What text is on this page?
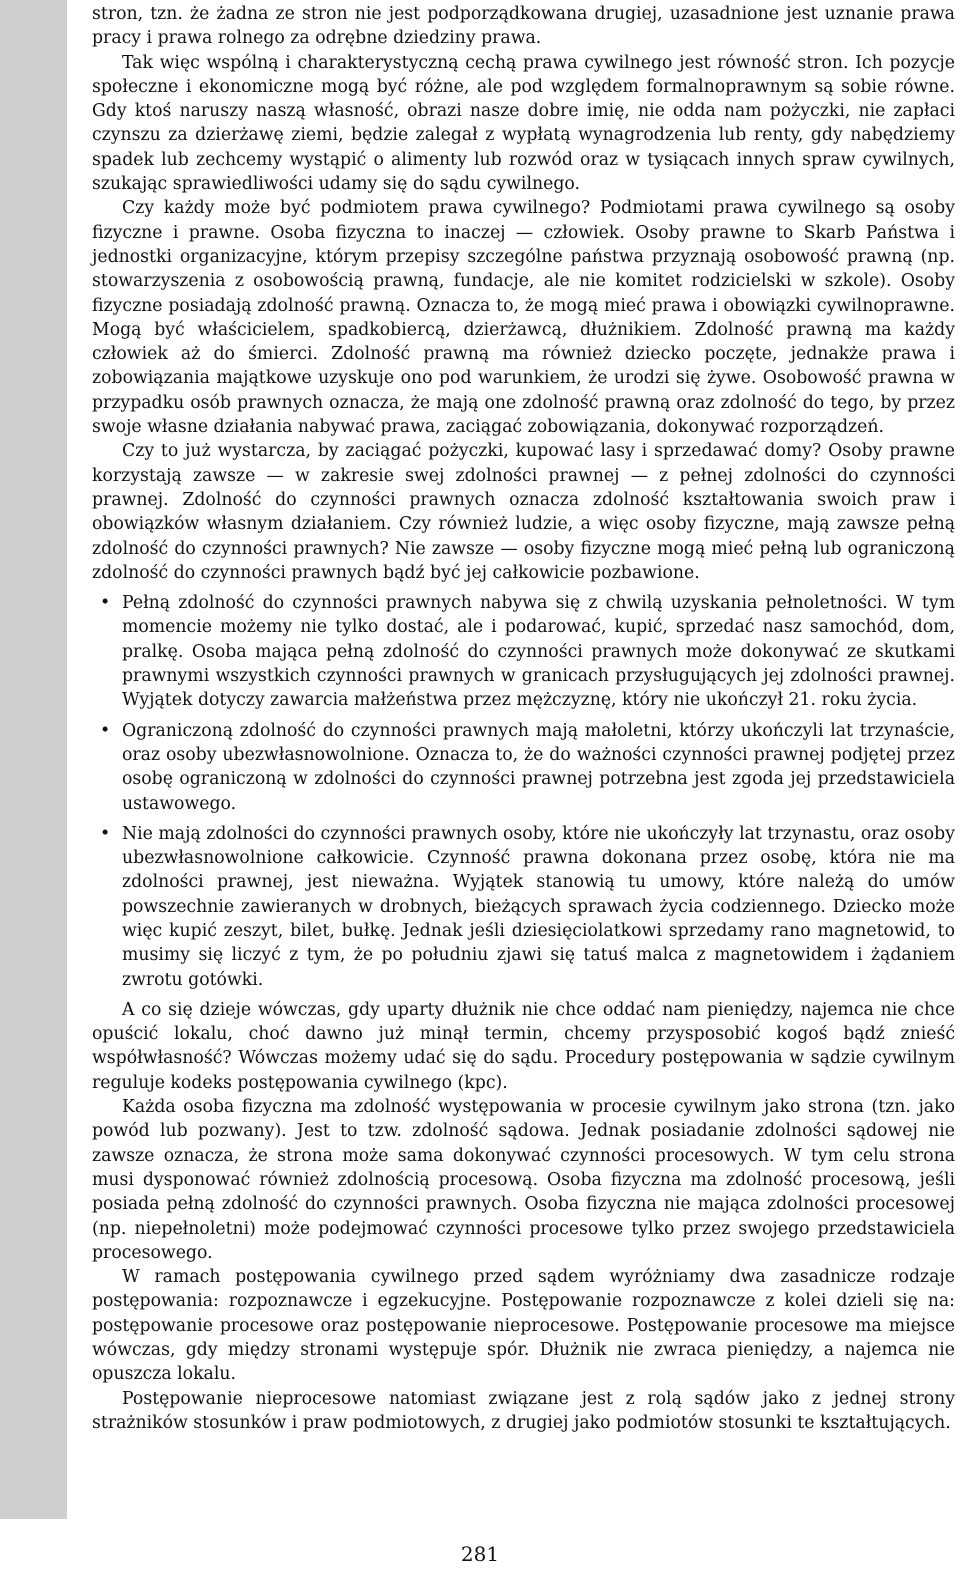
stron, tzn. że żadna ze stron nie jest podporządkowana drugiej, uzasadnione jest uznanie prawa pracy i prawa rolnego za odrębne dziedziny prawa.

Tak więc wspólną i charakterystyczną cechą prawa cywilnego jest równość stron. Ich pozycje społeczne i ekonomiczne mogą być różne, ale pod względem formalnoprawnym są sobie równe. Gdy ktoś naruszy naszą własność, obrazi nasze dobre imię, nie odda nam pożyczki, nie zapłaci czynszu za dzierżawę ziemi, będzie zalegał z wypłatą wynagrodzenia lub renty, gdy nabędziemy spadek lub zechcemy wystąpić o alimenty lub rozwód oraz w tysiącach innych spraw cywilnych, szukając sprawiedliwości udamy się do sądu cywilnego.

Czy każdy może być podmiotem prawa cywilnego? Podmiotami prawa cywilnego są osoby fizyczne i prawne. Osoba fizyczna to inaczej — człowiek. Osoby prawne to Skarb Państwa i jednostki organizacyjne, którym przepisy szczególne państwa przyznają osobowość prawną (np. stowarzyszenia z osobowością prawną, fundacje, ale nie komitet rodzicielski w szkole). Osoby fizyczne posiadają zdolność prawną. Oznacza to, że mogą mieć prawa i obowiązki cywilnoprawne. Mogą być właścicielem, spadkobiercą, dzierżawcą, dłużnikiem. Zdolność prawną ma każdy człowiek aż do śmierci. Zdolność prawną ma również dziecko poczęte, jednakże prawa i zobowiązania majątkowe uzyskuje ono pod warunkiem, że urodzi się żywe. Osobowość prawna w przypadku osób prawnych oznacza, że mają one zdolność prawną oraz zdolność do tego, by przez swoje własne działania nabywać prawa, zaciągać zobowiązania, dokonywać rozporządzeń.

Czy to już wystarcza, by zaciągać pożyczki, kupować lasy i sprzedawać domy? Osoby prawne korzystają zawsze — w zakresie swej zdolności prawnej — z pełnej zdolności do czynności prawnej. Zdolność do czynności prawnych oznacza zdolność kształtowania swoich praw i obowiązków własnym działaniem. Czy również ludzie, a więc osoby fizyczne, mają zawsze pełną zdolność do czynności prawnych? Nie zawsze — osoby fizyczne mogą mieć pełną lub ograniczoną zdolność do czynności prawnych bądź być jej całkowicie pozbawione.

• Pełną zdolność do czynności prawnych nabywa się z chwilą uzyskania pełnoletności. W tym momencie możemy nie tylko dostać, ale i podarować, kupić, sprzedać nasz samochód, dom, pralkę. Osoba mająca pełną zdolność do czynności prawnych może dokonywać ze skutkami prawnymi wszystkich czynności prawnych w granicach przysługujących jej zdolności prawnej. Wyjątek dotyczy zawarcia małżeństwa przez mężczyznę, który nie ukończył 21. roku życia.
• Ograniczoną zdolność do czynności prawnych mają małoletni, którzy ukończyli lat trzynaście, oraz osoby ubezwłasnowolnione. Oznacza to, że do ważności czynności prawnej podjętej przez osobę ograniczoną w zdolności do czynności prawnej potrzebna jest zgoda jej przedstawiciela ustawowego.
• Nie mają zdolności do czynności prawnych osoby, które nie ukończyły lat trzynastu, oraz osoby ubezwłasnowolnione całkowicie. Czynność prawna dokonana przez osobę, która nie ma zdolności prawnej, jest nieważna. Wyjątek stanowią tu umowy, które należą do umów powszechnie zawieranych w drobnych, bieżących sprawach życia codziennego. Dziecko może więc kupić zeszyt, bilet, bułkę. Jednak jeśli dziesięciolatkowi sprzedamy rano magnetowid, to musimy się liczyć z tym, że po południu zjawi się tatuś malca z magnetowidem i żądaniem zwrotu gotówki.

A co się dzieje wówczas, gdy uparty dłużnik nie chce oddać nam pieniędzy, najemca nie chce opuścić lokalu, choć dawno już minął termin, chcemy przysposobić kogoś bądź znieść współwłasność? Wówczas możemy udać się do sądu. Procedury postępowania w sądzie cywilnym reguluje kodeks postępowania cywilnego (kpc).

Każda osoba fizyczna ma zdolność występowania w procesie cywilnym jako strona (tzn. jako powód lub pozwany). Jest to tzw. zdolność sądowa. Jednak posiadanie zdolności sądowej nie zawsze oznacza, że strona może sama dokonywać czynności procesowych. W tym celu strona musi dysponować również zdolnością procesową. Osoba fizyczna ma zdolność procesową, jeśli posiada pełną zdolność do czynności prawnych. Osoba fizyczna nie mająca zdolności procesowej (np. niepełnoletni) może podejmować czynności procesowe tylko przez swojego przedstawiciela procesowego.

W ramach postępowania cywilnego przed sądem wyróżniamy dwa zasadnicze rodzaje postępowania: rozpoznawcze i egzekucyjne. Postępowanie rozpoznawcze z kolei dzieli się na: postępowanie procesowe oraz postępowanie nieprocesowe. Postępowanie procesowe ma miejsce wówczas, gdy między stronami występuje spór. Dłużnik nie zwraca pieniędzy, a najemca nie opuszcza lokalu.

Postępowanie nieprocesowe natomiast związane jest z rolą sądów jako z jednej strony strażników stosunków i praw podmiotowych, z drugiej jako podmiotów stosunki te kształtujących.

281
